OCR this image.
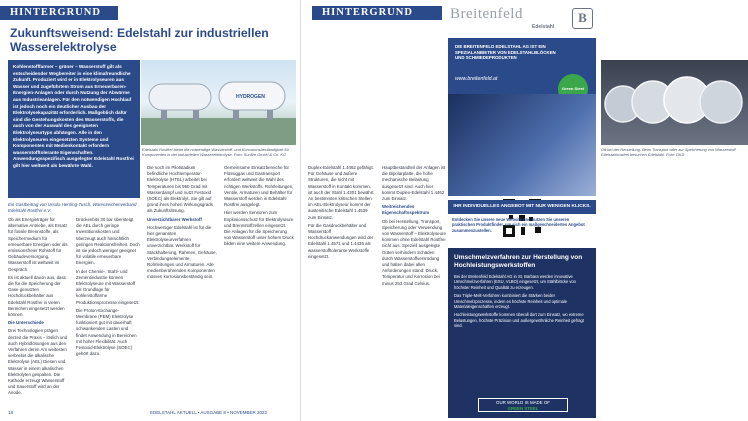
HINTERGRUND
Zukunftsweisend: Edelstahl zur industriellen Wasserelektrolyse
Kohlenstofffarmer – grüner – Wasserstoff gilt als entscheidender Wegbereiter in eine klimafreundliche Zukunft. Produziert wird er in Elektrolyseuren aus Wasser und zugeführtem Strom aus Erneuerbaren-Energien-Anlagen oder durch Nutzung der Abwärme aus Industrieanlagen. Für den notwendigen Hochlauf ist jedoch noch ein deutlicher Ausbau der Elektrolysekapazität erforderlich. Maßgeblich dafür sind die Gestehungskosten des Wasserstoffs, die auch von der Auswahl des geeigneten Elektrolyseurtyps abhängen. Alle in den Elektrolyseuren eingesetzten Systeme und Komponenten mit Medienkontakt erfordern wasserstofftolerante Eigenschaften. Anwendungsspezifisch ausgelegter Edelstahl Rostfrei gilt hier weltweit als bewährte Wahl.
HYDROGEN
Edelstahl Rostfrei bietet die notwendige Wasserstoff- und Korrosionsbeständigkeit für Komponenten in der industriellen Wasserelektrolyse. Foto: Sunfire GmbH & Co. KG
Ein Gastbeitrag von Ursula Herrling-Tusch, Warenzeichenverband Edelstahl Rostfrei e.V.

Ob als Energieträger für alternative Antriebe, als Ersatz für fossile Brennstoffe, als Speichermedium für erneuerbare Energien oder als emissionsfreier Rohstoff für Gebäudeversorgung, Wasserstoff ist weltweit im Gespräch.

Es ist aktuell davon aus, dass die für die Speicherung der Gase genutzten Hochdruckbehälter aus Edelstahl Rostfrei in vielen Bereichen eingesetzt werden können.

Die Unterschiede

Drei Technologien prägen derzeit die Praxis – löslich und auch Hybridlösungen aus den Verfahren deren Am weitesten verbreitet die alkalische Elektrolyse (AEL) Diesen und Wasser in einem alkalischen Elektrolyten gespalten. Die Kathode erzeugt Wasserstoff und Sauerstoff wird an der Anode.

Drückenbits 30 bar übersteigt die AEL durch geringe Investitionskosten und überzeugt auch hinsichtlich geringen Reaktionsfreiheit. Doch ist sie jedoch weniger geeignet für volatile erneuerbare Energien.

In der Chemie-, Stahl- und Zementindustrie können Elektrolyseure mit Wasserstoff als Grundlage für kohlenstoffarme Produktionsprozesse eingesetzt.

Die Proton-Exchange-Membrane (PEM) Elektrolyse funktioniert gut mit dauerhaft schwankenden Lasten und findet Anwendung in Bereichen mit hoher Flexibilität. Auch Festoxid-Elektrolyse (SOEC) gehört dazu.

Die noch im Pilotstadium befindliche Hochtemperatur-Elektrolyse (HTEL) arbeitet bei Temperaturen bis 950 Grad mit Wasserdampf und nutzt Festoxid (SOEC) als Elektrolyt. Sie gilt auf grund ihres hohen Wirkungsgrads als Zukunftslösung.

Unverzichtbarer Werkstoff

Hochwertiger Edelstahl ist für die hier genannten Elektrolyseurverfahren unverzichtbar. Werkstoff für Stackhalterung, Rahmen, Gehäuse, Verbindungselemente, Rohrleitungen und Armaturen. Alle medienberührenden Komponenten müssen korrosionsbeständig sein.

Gemeinsame Einsatzbereiche für Flüssiggas und Gastransport erfordert weltweit die Wahl des richtigen Werkstoffs. Rohrleitungen, Ventile, Armaturen und Behälter für Wasserstoff werden in Edelstahl Rostfrei ausgelegt.

Hier werden Sensoren zum Explosionsschutz für Elektrolyseure und Brennstoffzellen eingesetzt. Die Anlagen für die Speicherung von Wasserstoff unter hohem Druck bilden eine weitere Anwendung.

18	EDELSTAHL AKTUELL • AUSGABE 8 • NOVEMBER 2022
Oft bei der Herstellung. Beim Transport oder zur Speicherung von Wasserstoff Edelstahlrostfrei besuchen Edelstahl. Foto: DKD

Duplex-Edelstahl 1.4462 gefähigt. Für Gehäuse und äußere Strukturen, die nicht mit Wasserstoff in Kontakt kommen, ist auch der Stahl 1.4301 bewährt. An bestimmten kritischen Stellen im AEL-Elektrolyseur kommt der austenitische Edelstahl 1.4539 zum Einsatz.

Für die Gasdruckbehälter und Wasserstoff Hochdruckanwendungen wird der Edelstahl 1.4571 und 1.4435 als wasserstofftolerante Werkstoffe eingesetzt.

Hauptbestandteil der Anlagen ist die Bipolarplatte, die hohe mechanische Belastung ausgesetzt sind. Auch hier kommt Duplex-Edelstahl 1.4462 zum Einsatz.

Weitreichendes Eigenschaftsspektrum

Ob bei Herstellung, Transport, Speicherung oder Verwendung von Wasserstoff – Elektrolyseure kommen ohne Edelstahl Rostfrei nicht aus. Speziell ausgelegte Güten verhindern Schäden durch Wasserstoffversrödung und halten dabei allen Anforderungen stand: Druck, Temperatur und Korrosion bei minus 253 Grad Celsius.

HINTERGRUND	Breitenfeld
Edelstahl
B
DIE BREITENFELD EDELSTAHL AG IST EIN SPEZIALANBIETER VON EDELSTAHLBLÖCKEN UND SCHMIEDEPRODUKTEN
www.breitenfeld.at
Green Steel
IHR INDIVIDUELLES ANGEBOT MIT NUR WENIGEN KLICKS.
Entdecken Sie unsere neue Website und nutzen Sie unseren praktischen Produktfinder, um sich ein maßgeschneidertes Angebot zusammenzustellen.
Umschmelzverfahren zur Herstellung von Hochleistungswerkstoffen

Bei der Breitenfeld Edelstahl AG in St. Barbara werden innovative Umschmelzverfahren (ESU, VLBO) eingesetzt, um Stählblöcke von höchster Reinheit und Qualität zu erzeugen.

Das Triple-Melt-Verfahren kombiniert die Stärken beider Umschmelzprozesse, indem es höchste Reinheit und optimale Materialeigenschaften erzeugt.

Hochleistungswerkstoffe kommen überall dort zum Einsatz, wo extreme Belastungen, höchste Präzision und außergewöhnliche Reinheit gefragt sind.

OUR WORLD IS MADE OF
GREEN STEEL
